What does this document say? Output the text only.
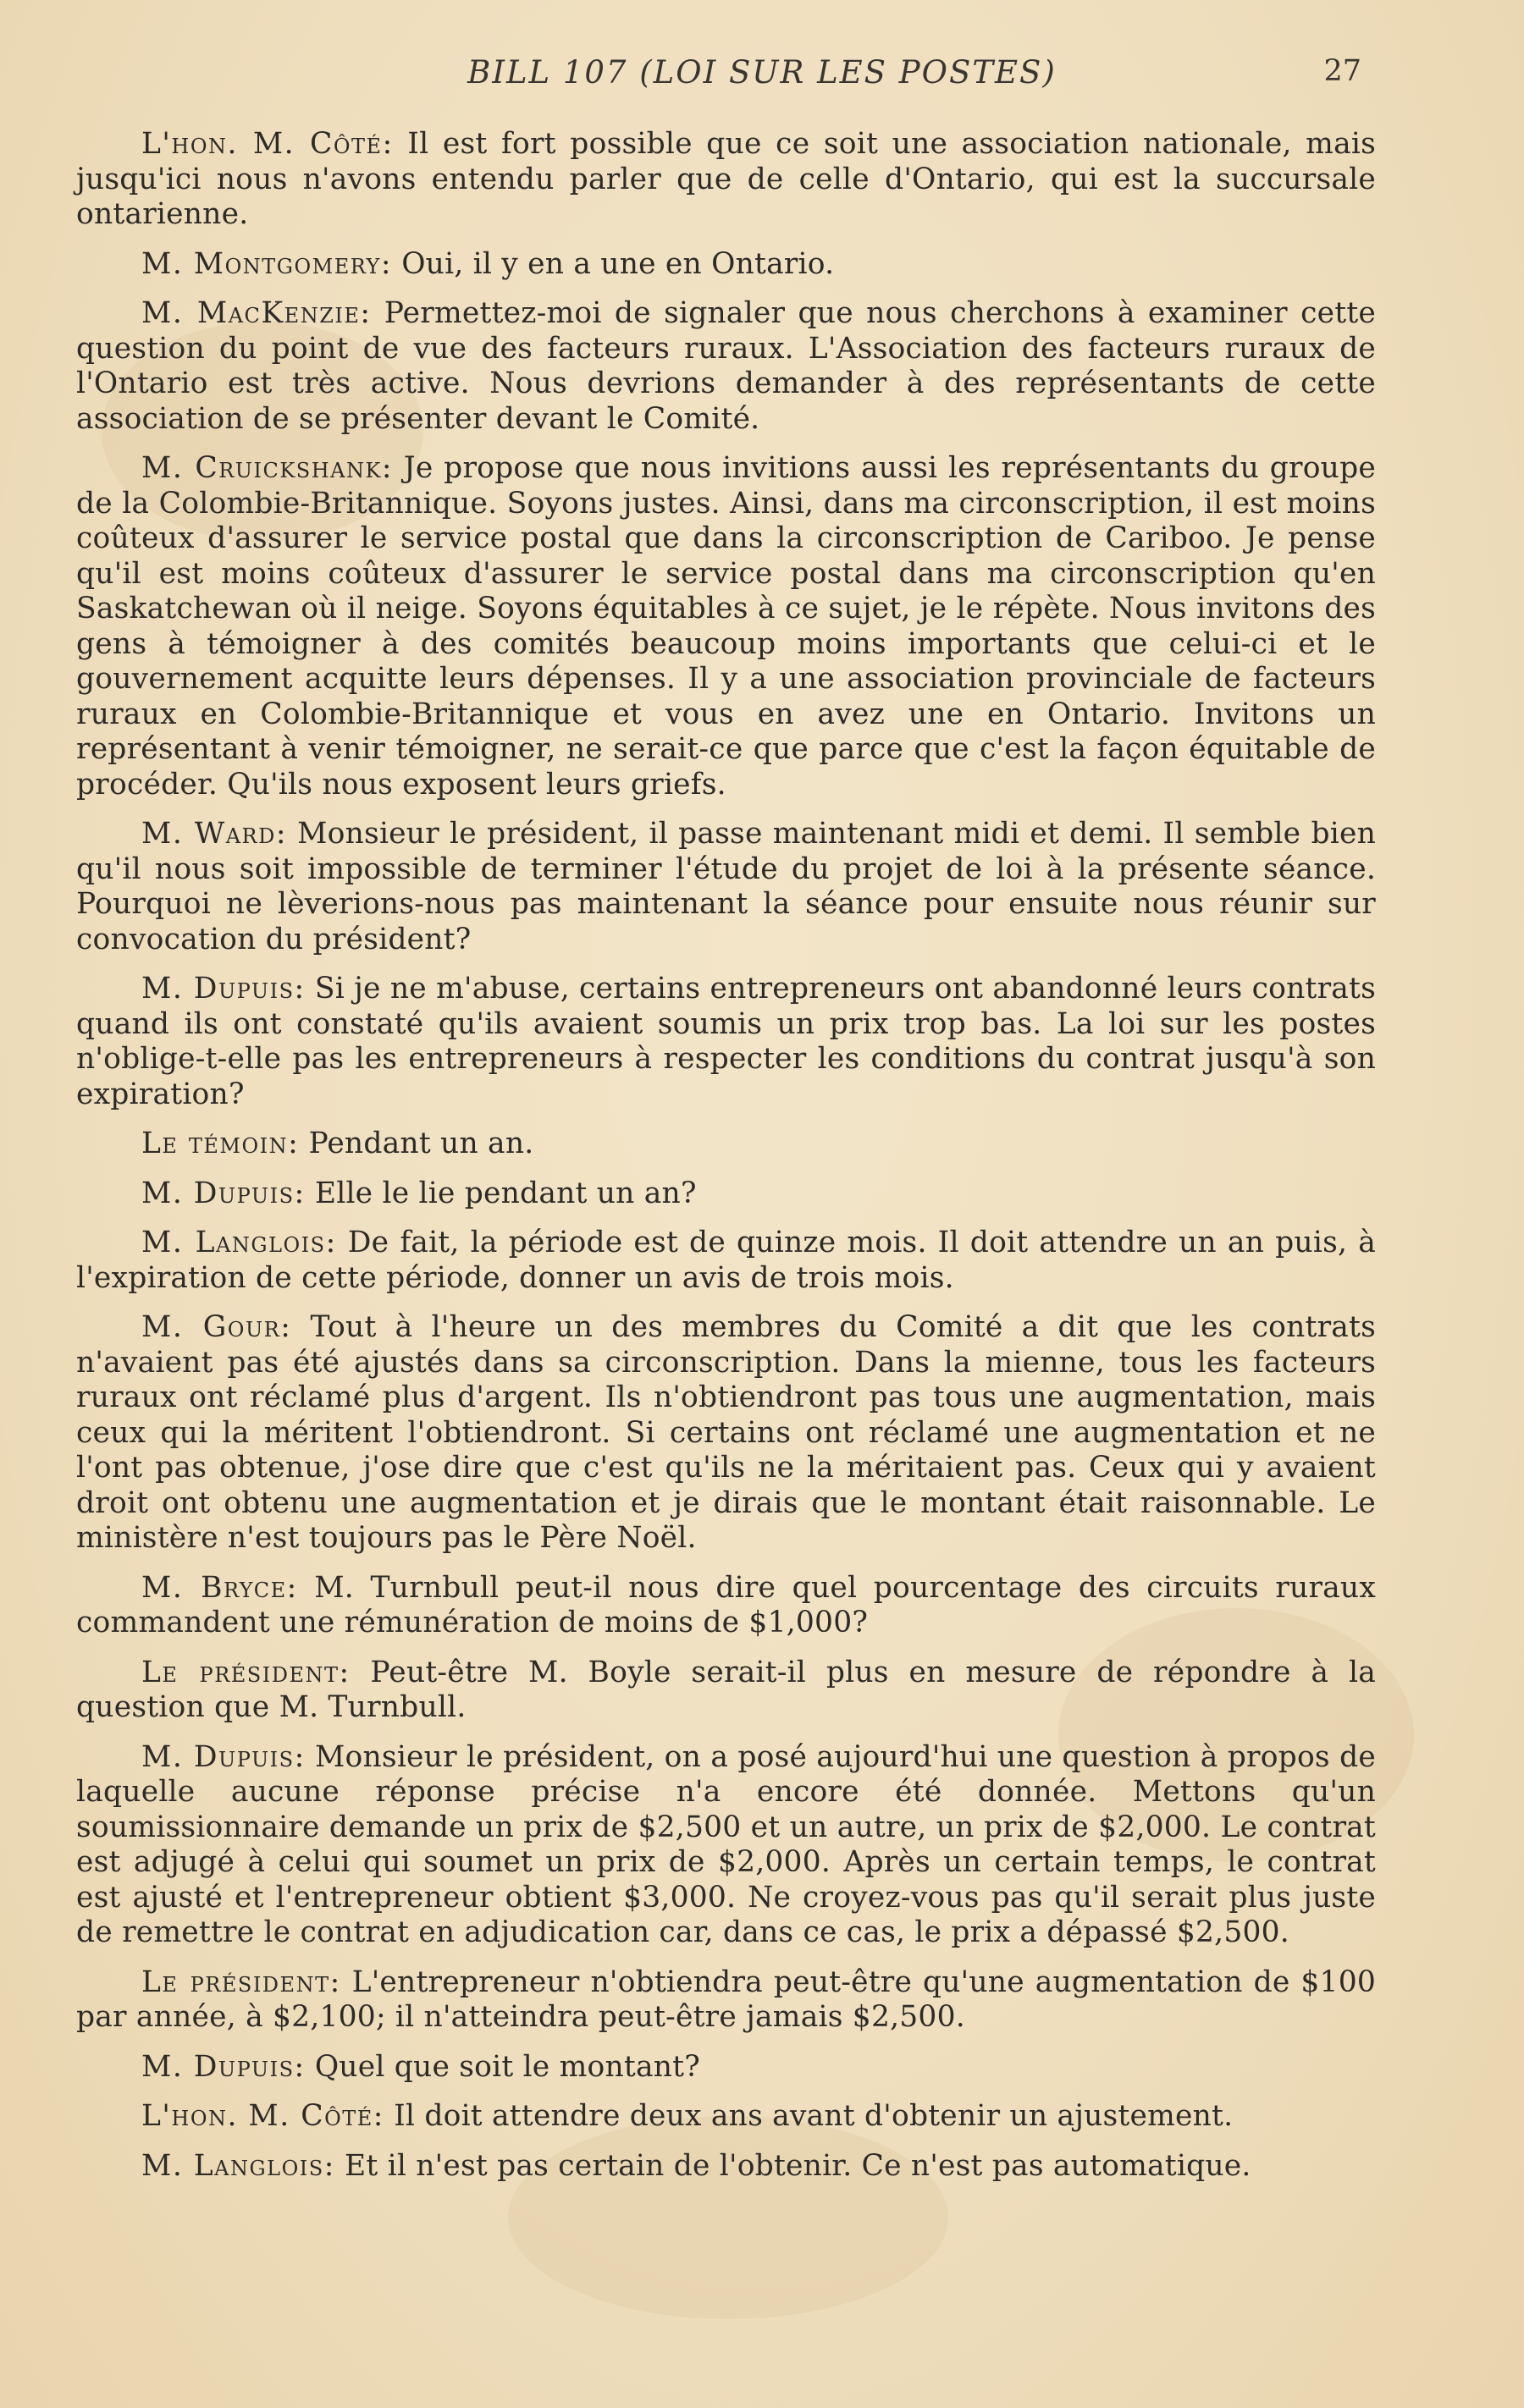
BILL 107 (LOI SUR LES POSTES)	27

L'hon. M. Côté: Il est fort possible que ce soit une association nationale, mais jusqu'ici nous n'avons entendu parler que de celle d'Ontario, qui est la succursale ontarienne.

M. Montgomery: Oui, il y en a une en Ontario.

M. MacKenzie: Permettez-moi de signaler que nous cherchons à examiner cette question du point de vue des facteurs ruraux. L'Association des facteurs ruraux de l'Ontario est très active. Nous devrions demander à des représentants de cette association de se présenter devant le Comité.

M. Cruickshank: Je propose que nous invitions aussi les représentants du groupe de la Colombie-Britannique. Soyons justes. Ainsi, dans ma circonscription, il est moins coûteux d'assurer le service postal que dans la circonscription de Cariboo. Je pense qu'il est moins coûteux d'assurer le service postal dans ma circonscription qu'en Saskatchewan où il neige. Soyons équitables à ce sujet, je le répète. Nous invitons des gens à témoigner à des comités beaucoup moins importants que celui-ci et le gouvernement acquitte leurs dépenses. Il y a une association provinciale de facteurs ruraux en Colombie-Britannique et vous en avez une en Ontario. Invitons un représentant à venir témoigner, ne serait-ce que parce que c'est la façon équitable de procéder. Qu'ils nous exposent leurs griefs.

M. Ward: Monsieur le président, il passe maintenant midi et demi. Il semble bien qu'il nous soit impossible de terminer l'étude du projet de loi à la présente séance. Pourquoi ne lèverions-nous pas maintenant la séance pour ensuite nous réunir sur convocation du président?

M. Dupuis: Si je ne m'abuse, certains entrepreneurs ont abandonné leurs contrats quand ils ont constaté qu'ils avaient soumis un prix trop bas. La loi sur les postes n'oblige-t-elle pas les entrepreneurs à respecter les conditions du contrat jusqu'à son expiration?

Le témoin: Pendant un an.

M. Dupuis: Elle le lie pendant un an?

M. Langlois: De fait, la période est de quinze mois. Il doit attendre un an puis, à l'expiration de cette période, donner un avis de trois mois.

M. Gour: Tout à l'heure un des membres du Comité a dit que les contrats n'avaient pas été ajustés dans sa circonscription. Dans la mienne, tous les facteurs ruraux ont réclamé plus d'argent. Ils n'obtiendront pas tous une augmentation, mais ceux qui la méritent l'obtiendront. Si certains ont réclamé une augmentation et ne l'ont pas obtenue, j'ose dire que c'est qu'ils ne la méritaient pas. Ceux qui y avaient droit ont obtenu une augmentation et je dirais que le montant était raisonnable. Le ministère n'est toujours pas le Père Noël.

M. Bryce: M. Turnbull peut-il nous dire quel pourcentage des circuits ruraux commandent une rémunération de moins de $1,000?

Le président: Peut-être M. Boyle serait-il plus en mesure de répondre à la question que M. Turnbull.

M. Dupuis: Monsieur le président, on a posé aujourd'hui une question à propos de laquelle aucune réponse précise n'a encore été donnée. Mettons qu'un soumissionnaire demande un prix de $2,500 et un autre, un prix de $2,000. Le contrat est adjugé à celui qui soumet un prix de $2,000. Après un certain temps, le contrat est ajusté et l'entrepreneur obtient $3,000. Ne croyez-vous pas qu'il serait plus juste de remettre le contrat en adjudication car, dans ce cas, le prix a dépassé $2,500.

Le président: L'entrepreneur n'obtiendra peut-être qu'une augmentation de $100 par année, à $2,100; il n'atteindra peut-être jamais $2,500.

M. Dupuis: Quel que soit le montant?

L'hon. M. Côté: Il doit attendre deux ans avant d'obtenir un ajustement.

M. Langlois: Et il n'est pas certain de l'obtenir. Ce n'est pas automatique.
